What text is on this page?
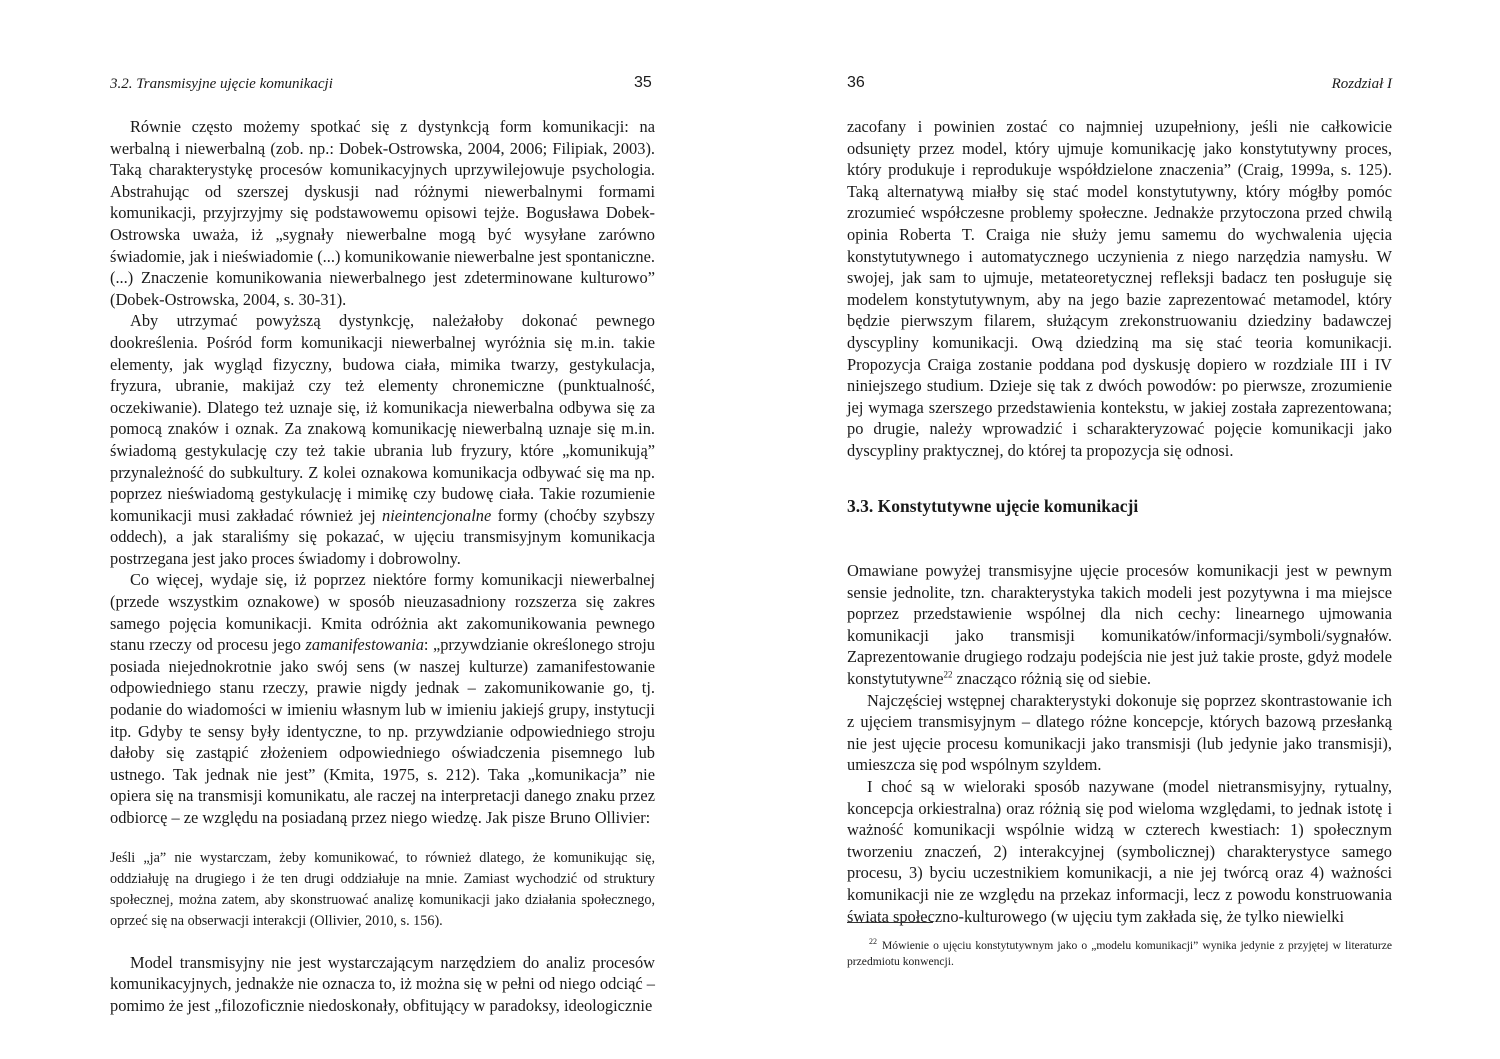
3.2. Transmisyjne ujęcie komunikacji	35

Równie często możemy spotkać się z dystynkcją form komunikacji: na werbalną i niewerbalną (zob. np.: Dobek-Ostrowska, 2004, 2006; Filipiak, 2003). Taką charakterystykę procesów komunikacyjnych uprzywilejowuje psychologia. Abstrahując od szerszej dyskusji nad różnymi niewerbalnymi formami komunikacji, przyjrzyjmy się podstawowemu opisowi tejże. Bogusława Dobek-Ostrowska uważa, iż „sygnały niewerbalne mogą być wysyłane zarówno świadomie, jak i nieświadomie (...) komunikowanie niewerbalne jest spontaniczne. (...) Znaczenie komunikowania niewerbalnego jest zdeterminowane kulturowo” (Dobek-Ostrowska, 2004, s. 30-31).

Aby utrzymać powyższą dystynkcję, należałoby dokonać pewnego dookreślenia. Pośród form komunikacji niewerbalnej wyróżnia się m.in. takie elementy, jak wygląd fizyczny, budowa ciała, mimika twarzy, gestykulacja, fryzura, ubranie, makijaż czy też elementy chronemiczne (punktualność, oczekiwanie). Dlatego też uznaje się, iż komunikacja niewerbalna odbywa się za pomocą znaków i oznak. Za znakową komunikację niewerbalną uznaje się m.in. świadomą gestykulację czy też takie ubrania lub fryzury, które „komunikują” przynależność do subkultury. Z kolei oznakowa komunikacja odbywać się ma np. poprzez nieświadomą gestykulację i mimikę czy budowę ciała. Takie rozumienie komunikacji musi zakładać również jej nieintencjonalne formy (choćby szybszy oddech), a jak staraliśmy się pokazać, w ujęciu transmisyjnym komunikacja postrzegana jest jako proces świadomy i dobrowolny.

Co więcej, wydaje się, iż poprzez niektóre formy komunikacji niewerbalnej (przede wszystkim oznakowe) w sposób nieuzasadniony rozszerza się zakres samego pojęcia komunikacji. Kmita odróżnia akt zakomunikowania pewnego stanu rzeczy od procesu jego zamanifestowania: „przywdzianie określonego stroju posiada niejednokrotnie jako swój sens (w naszej kulturze) zamanifestowanie odpowiedniego stanu rzeczy, prawie nigdy jednak – zakomunikowanie go, tj. podanie do wiadomości w imieniu własnym lub w imieniu jakiejś grupy, instytucji itp. Gdyby te sensy były identyczne, to np. przywdzianie odpowiedniego stroju dałoby się zastąpić złożeniem odpowiedniego oświadczenia pisemnego lub ustnego. Tak jednak nie jest” (Kmita, 1975, s. 212). Taka „komunikacja” nie opiera się na transmisji komunikatu, ale raczej na interpretacji danego znaku przez odbiorcę – ze względu na posiadaną przez niego wiedzę. Jak pisze Bruno Ollivier:

Jeśli „ja” nie wystarczam, żeby komunikować, to również dlatego, że komunikując się, oddziałuję na drugiego i że ten drugi oddziałuje na mnie. Zamiast wychodzić od struktury społecznej, można zatem, aby skonstruować analizę komunikacji jako działania społecznego, oprzeć się na obserwacji interakcji (Ollivier, 2010, s. 156).

Model transmisyjny nie jest wystarczającym narzędziem do analiz procesów komunikacyjnych, jednakże nie oznacza to, iż można się w pełni od niego odciąć – pomimo że jest „filozoficznie niedoskonały, obfitujący w paradoksy, ideologicznie

36	Rozdział I

zacofany i powinien zostać co najmniej uzupełniony, jeśli nie całkowicie odsunięty przez model, który ujmuje komunikację jako konstytutywny proces, który produkuje i reprodukuje współdzielone znaczenia” (Craig, 1999a, s. 125). Taką alternatywą miałby się stać model konstytutywny, który mógłby pomóc zrozumieć współczesne problemy społeczne. Jednakże przytoczona przed chwilą opinia Roberta T. Craiga nie służy jemu samemu do wychwalenia ujęcia konstytutywnego i automatycznego uczynienia z niego narzędzia namysłu. W swojej, jak sam to ujmuje, metateoretycznej refleksji badacz ten posługuje się modelem konstytutywnym, aby na jego bazie zaprezentować metamodel, który będzie pierwszym filarem, służącym zrekonstruowaniu dziedziny badawczej dyscypliny komunikacji. Ową dziedziną ma się stać teoria komunikacji. Propozycja Craiga zostanie poddana pod dyskusję dopiero w rozdziale III i IV niniejszego studium. Dzieje się tak z dwóch powodów: po pierwsze, zrozumienie jej wymaga szerszego przedstawienia kontekstu, w jakiej została zaprezentowana; po drugie, należy wprowadzić i scharakteryzować pojęcie komunikacji jako dyscypliny praktycznej, do której ta propozycja się odnosi.

3.3. Konstytutywne ujęcie komunikacji

Omawiane powyżej transmisyjne ujęcie procesów komunikacji jest w pewnym sensie jednolite, tzn. charakterystyka takich modeli jest pozytywna i ma miejsce poprzez przedstawienie wspólnej dla nich cechy: linearnego ujmowania komunikacji jako transmisji komunikatów/informacji/symboli/sygnałów. Zaprezentowanie drugiego rodzaju podejścia nie jest już takie proste, gdyż modele konstytutywne$^{22}$ znacząco różnią się od siebie.

Najczęściej wstępnej charakterystyki dokonuje się poprzez skontrastowanie ich z ujęciem transmisyjnym – dlatego różne koncepcje, których bazową przesłanką nie jest ujęcie procesu komunikacji jako transmisji (lub jedynie jako transmisji), umieszcza się pod wspólnym szyldem.

I choć są w wieloraki sposób nazywane (model nietransmisyjny, rytualny, koncepcja orkiestralna) oraz różnią się pod wieloma względami, to jednak istotę i ważność komunikacji wspólnie widzą w czterech kwestiach: 1) społecznym tworzeniu znaczeń, 2) interakcyjnej (symbolicznej) charakterystyce samego procesu, 3) byciu uczestnikiem komunikacji, a nie jej twórcą oraz 4) ważności komunikacji nie ze względu na przekaz informacji, lecz z powodu konstruowania świata społeczno-kulturowego (w ujęciu tym zakłada się, że tylko niewielki

$^{22}$ Mówienie o ujęciu konstytutywnym jako o „modelu komunikacji” wynika jedynie z przyjętej w literaturze przedmiotu konwencji.
